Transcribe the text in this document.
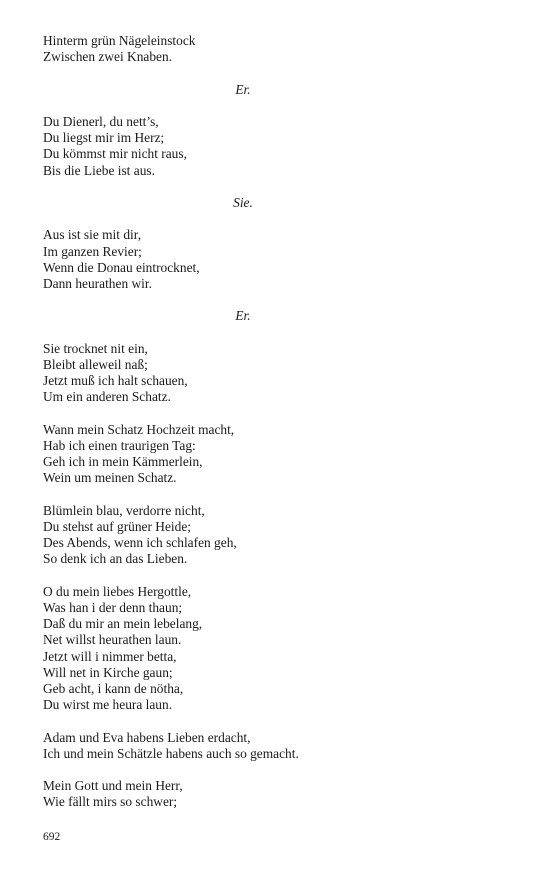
Hinterm grün Nägeleinstock
Zwischen zwei Knaben.
Er.
Du Dienerl, du nett’s,
Du liegst mir im Herz;
Du kömmst mir nicht raus,
Bis die Liebe ist aus.
Sie.
Aus ist sie mit dir,
Im ganzen Revier;
Wenn die Donau eintrocknet,
Dann heurathen wir.
Er.
Sie trocknet nit ein,
Bleibt alleweil naß;
Jetzt muß ich halt schauen,
Um ein anderen Schatz.
Wann mein Schatz Hochzeit macht,
Hab ich einen traurigen Tag:
Geh ich in mein Kämmerlein,
Wein um meinen Schatz.
Blümlein blau, verdorre nicht,
Du stehst auf grüner Heide;
Des Abends, wenn ich schlafen geh,
So denk ich an das Lieben.
O du mein liebes Hergottle,
Was han i der denn thaun;
Daß du mir an mein lebelang,
Net willst heurathen laun.
Jetzt will i nimmer betta,
Will net in Kirche gaun;
Geb acht, i kann de nötha,
Du wirst me heura laun.
Adam und Eva habens Lieben erdacht,
Ich und mein Schätzle habens auch so gemacht.
Mein Gott und mein Herr,
Wie fällt mirs so schwer;
692
